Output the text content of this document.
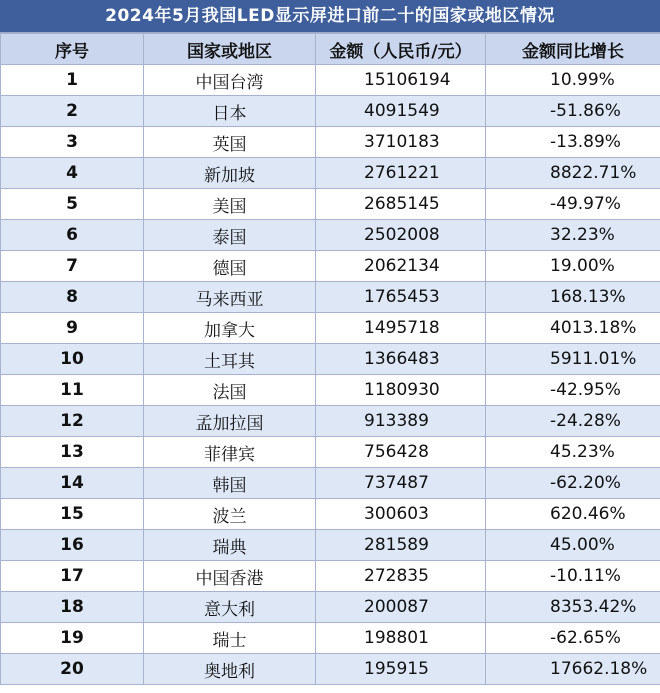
2024年5月我国LED显示屏进口前二十的国家或地区情况
序号	国家或地区	金额（人民币/元）	金额同比增长
1	中国台湾	15106194	10.99%
2	日本	4091549	-51.86%
3	英国	3710183	-13.89%
4	新加坡	2761221	8822.71%
5	美国	2685145	-49.97%
6	泰国	2502008	32.23%
7	德国	2062134	19.00%
8	马来西亚	1765453	168.13%
9	加拿大	1495718	4013.18%
10	土耳其	1366483	5911.01%
11	法国	1180930	-42.95%
12	孟加拉国	913389	-24.28%
13	菲律宾	756428	45.23%
14	韩国	737487	-62.20%
15	波兰	300603	620.46%
16	瑞典	281589	45.00%
17	中国香港	272835	-10.11%
18	意大利	200087	8353.42%
19	瑞士	198801	-62.65%
20	奥地利	195915	17662.18%
